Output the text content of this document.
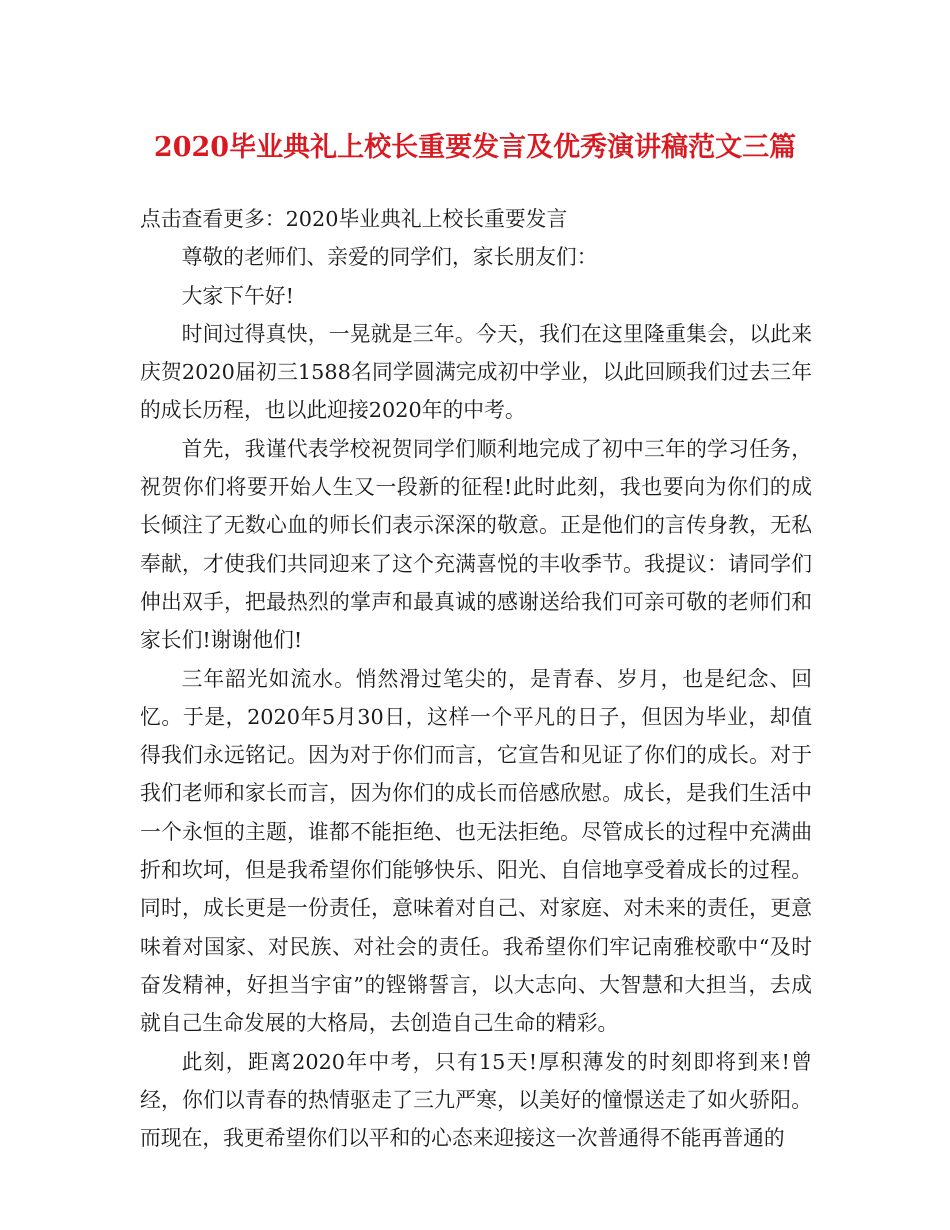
2020毕业典礼上校长重要发言及优秀演讲稿范文三篇

点击查看更多：2020毕业典礼上校长重要发言

尊敬的老师们、亲爱的同学们，家长朋友们：

大家下午好!

时间过得真快，一晃就是三年。今天，我们在这里隆重集会，以此来庆贺2020届初三1588名同学圆满完成初中学业，以此回顾我们过去三年的成长历程，也以此迎接2020年的中考。

首先，我谨代表学校祝贺同学们顺利地完成了初中三年的学习任务，祝贺你们将要开始人生又一段新的征程!此时此刻，我也要向为你们的成长倾注了无数心血的师长们表示深深的敬意。正是他们的言传身教，无私奉献，才使我们共同迎来了这个充满喜悦的丰收季节。我提议：请同学们伸出双手，把最热烈的掌声和最真诚的感谢送给我们可亲可敬的老师们和家长们!谢谢他们!

三年韶光如流水。悄然滑过笔尖的，是青春、岁月，也是纪念、回忆。于是，2020年5月30日，这样一个平凡的日子，但因为毕业，却值得我们永远铭记。因为对于你们而言，它宣告和见证了你们的成长。对于我们老师和家长而言，因为你们的成长而倍感欣慰。成长，是我们生活中一个永恒的主题，谁都不能拒绝、也无法拒绝。尽管成长的过程中充满曲折和坎坷，但是我希望你们能够快乐、阳光、自信地享受着成长的过程。同时，成长更是一份责任，意味着对自己、对家庭、对未来的责任，更意味着对国家、对民族、对社会的责任。我希望你们牢记南雅校歌中“及时奋发精神，好担当宇宙”的铿锵誓言，以大志向、大智慧和大担当，去成就自己生命发展的大格局，去创造自己生命的精彩。

此刻，距离2020年中考，只有15天!厚积薄发的时刻即将到来!曾经，你们以青春的热情驱走了三九严寒，以美好的憧憬送走了如火骄阳。而现在，我更希望你们以平和的心态来迎接这一次普通得不能再普通的
